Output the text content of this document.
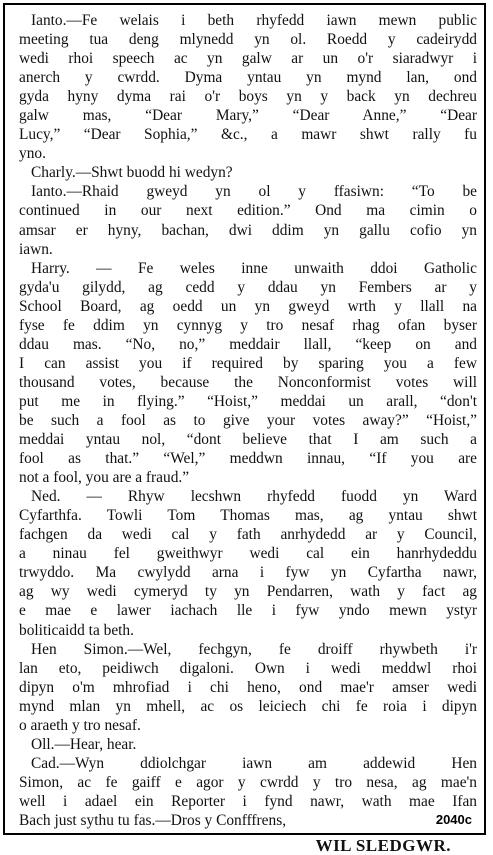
Ianto.—Fe welais i beth rhyfedd iawn mewn public
meeting tua deng mlynedd yn ol. Roedd y cadeirydd
wedi rhoi speech ac yn galw ar un o'r siaradwyr i
anerch y cwrdd. Dyma yntau yn mynd lan, ond
gyda hyny dyma rai o'r boys yn y back yn dechreu
galw mas, “Dear Mary,” “Dear Anne,” “Dear
Lucy,” “Dear Sophia,” &c., a mawr shwt rally fu
yno.
Charly.—Shwt buodd hi wedyn?
Ianto.—Rhaid gweyd yn ol y ffasiwn: “To be
continued in our next edition.” Ond ma cimin o
amsar er hyny, bachan, dwi ddim yn gallu cofio yn
iawn.
Harry. — Fe weles inne unwaith ddoi Gatholic
gyda'u gilydd, ag cedd y ddau yn Fembers ar y
School Board, ag oedd un yn gweyd wrth y llall na
fyse fe ddim yn cynnyg y tro nesaf rhag ofan byser
ddau mas. “No, no,” meddair llall, “keep on and
I can assist you if required by sparing you a few
thousand votes, because the Nonconformist votes will
put me in flying.” “Hoist,” meddai un arall, “don't
be such a fool as to give your votes away?” “Hoist,”
meddai yntau nol, “dont believe that I am such a
fool as that.” “Wel,” meddwn innau, “If you are
not a fool, you are a fraud.”
Ned. — Rhyw lecshwn rhyfedd fuodd yn Ward
Cyfarthfa. Towli Tom Thomas mas, ag yntau shwt
fachgen da wedi cal y fath anrhydedd ar y Council,
a ninau fel gweithwyr wedi cal ein hanrhydeddu
trwyddo. Ma cwylydd arna i fyw yn Cyfartha nawr,
ag wy wedi cymeryd ty yn Pendarren, wath y fact ag
e mae e lawer iachach lle i fyw yndo mewn ystyr
boliticaidd ta beth.
Hen Simon.—Wel, fechgyn, fe droiff rhywbeth i'r
lan eto, peidiwch digaloni. Own i wedi meddwl rhoi
dipyn o'm mhrofiad i chi heno, ond mae'r amser wedi
mynd mlan yn mhell, ac os leiciech chi fe roia i dipyn
o araeth y tro nesaf.
Oll.—Hear, hear.
Cad.—Wyn ddiolchgar iawn am addewid Hen
Simon, ac fe gaiff e agor y cwrdd y tro nesa, ag mae'n
well i adael ein Reporter i fynd nawr, wath mae Ifan
Bach just sythu tu fas.—Dros y Confffrens,
WIL SLEDGWR.
2040c
